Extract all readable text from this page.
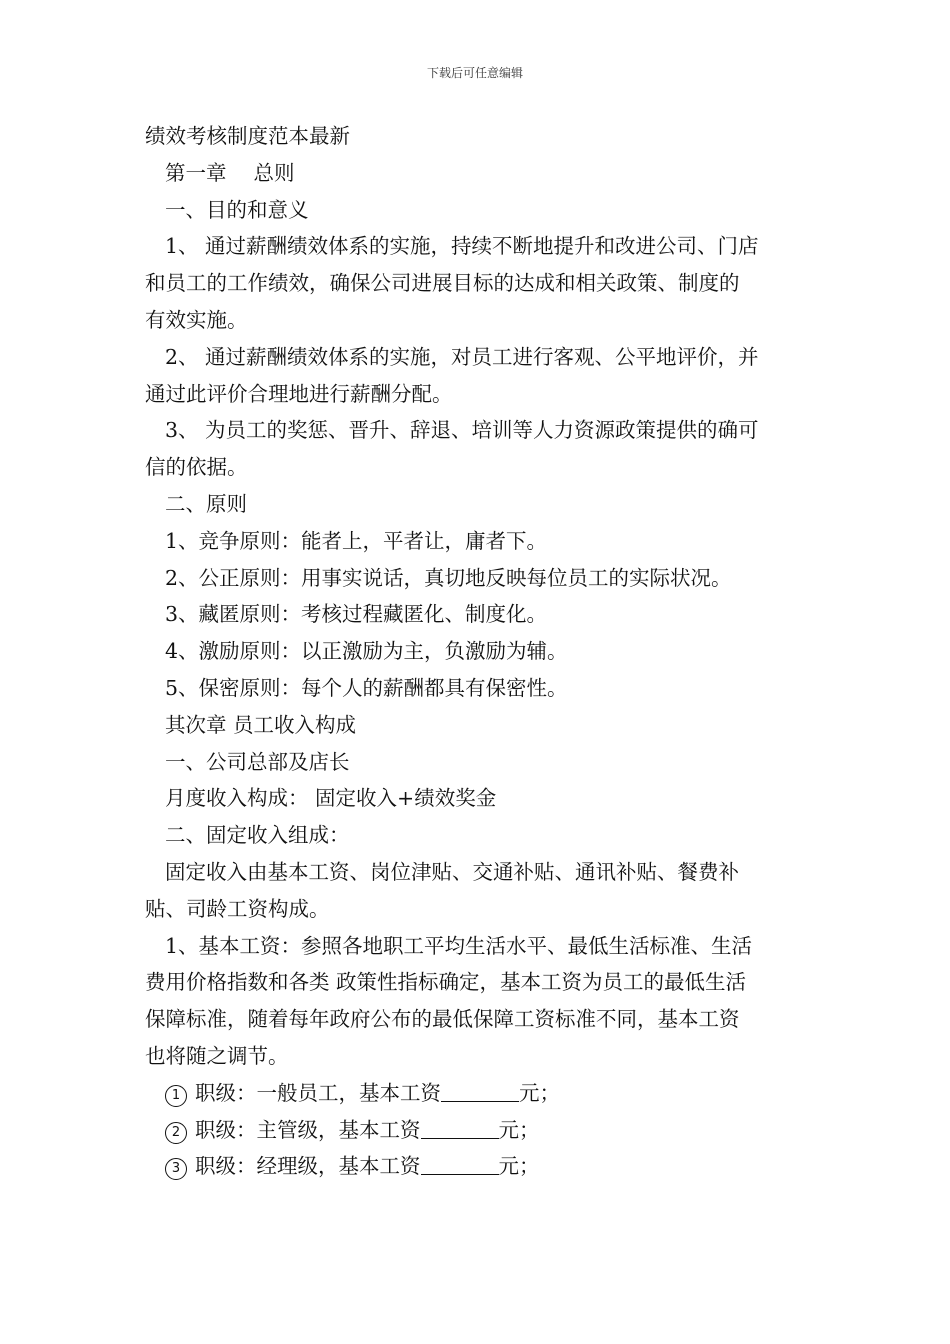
下载后可任意编辑
绩效考核制度范本最新
第一章　 总则
一、目的和意义
1、 通过薪酬绩效体系的实施，持续不断地提升和改进公司、门店
和员工的工作绩效，确保公司进展目标的达成和相关政策、制度的
有效实施。
2、 通过薪酬绩效体系的实施，对员工进行客观、公平地评价，并
通过此评价合理地进行薪酬分配。
3、 为员工的奖惩、晋升、辞退、培训等人力资源政策提供的确可
信的依据。
二、原则
1、竞争原则：能者上，平者让，庸者下。
2、公正原则：用事实说话，真切地反映每位员工的实际状况。
3、藏匿原则：考核过程藏匿化、制度化。
4、激励原则：以正激励为主，负激励为辅。
5、保密原则：每个人的薪酬都具有保密性。
其次章 员工收入构成
一、公司总部及店长
月度收入构成： 固定收入+绩效奖金
二、固定收入组成：
固定收入由基本工资、岗位津贴、交通补贴、通讯补贴、餐费补
贴、司龄工资构成。
1、基本工资：参照各地职工平均生活水平、最低生活标准、生活
费用价格指数和各类 政策性指标确定，基本工资为员工的最低生活
保障标准，随着每年政府公布的最低保障工资标准不同，基本工资
也将随之调节。
1 职级：一般员工，基本工资	元；
2 职级：主管级，基本工资	元；
3 职级：经理级，基本工资	元；
